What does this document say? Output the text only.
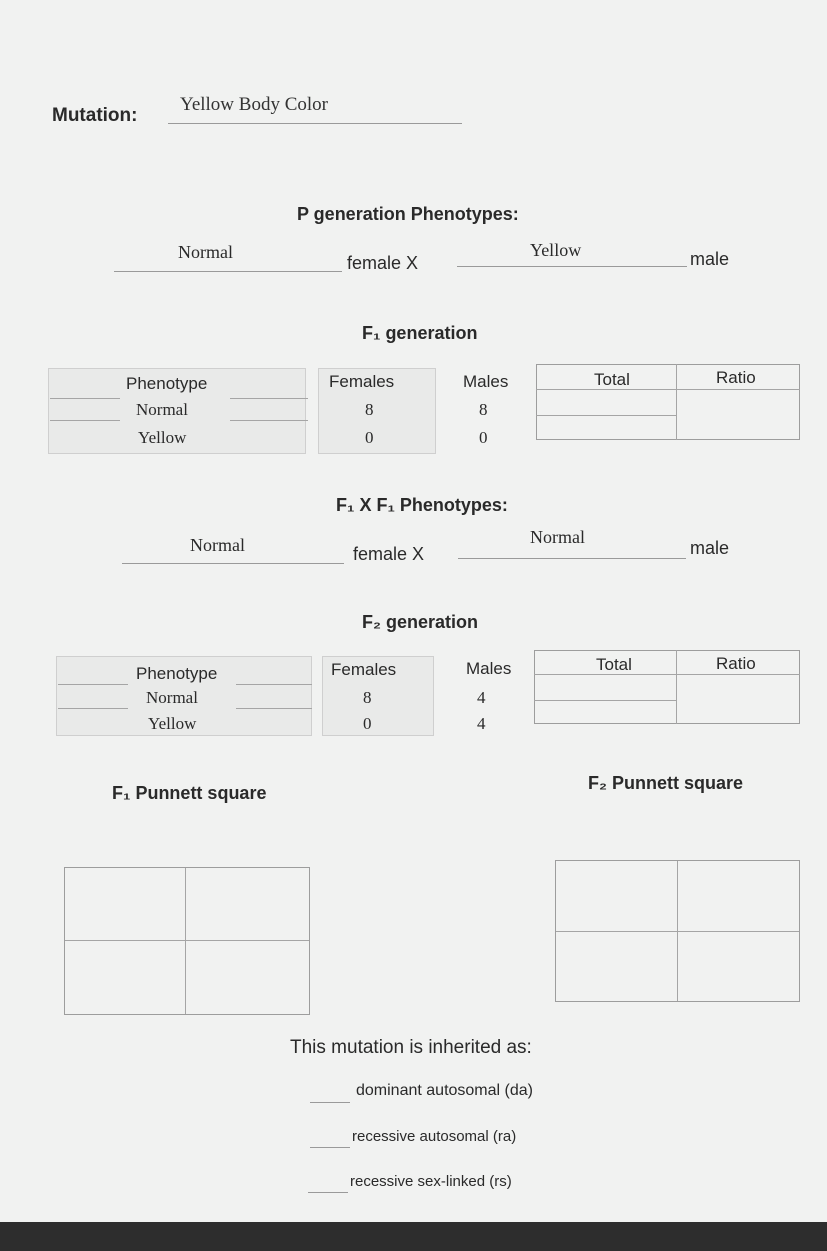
Mutation:
Yellow Body Color
P generation Phenotypes:
Normal
female X
Yellow	male
F₁ generation
Phenotype	Females	Males	Total	Ratio
Normal	8	8
Yellow	0	0
F₁ X F₁ Phenotypes:
Normal	female X
Normal
male
F₂ generation
Phenotype	Females	Males	Total	Ratio
Normal	8	4
Yellow	0	4
F₁ Punnett square	F₂ Punnett square
This mutation is inherited as:
dominant autosomal (da)
recessive autosomal (ra)
recessive sex-linked (rs)
